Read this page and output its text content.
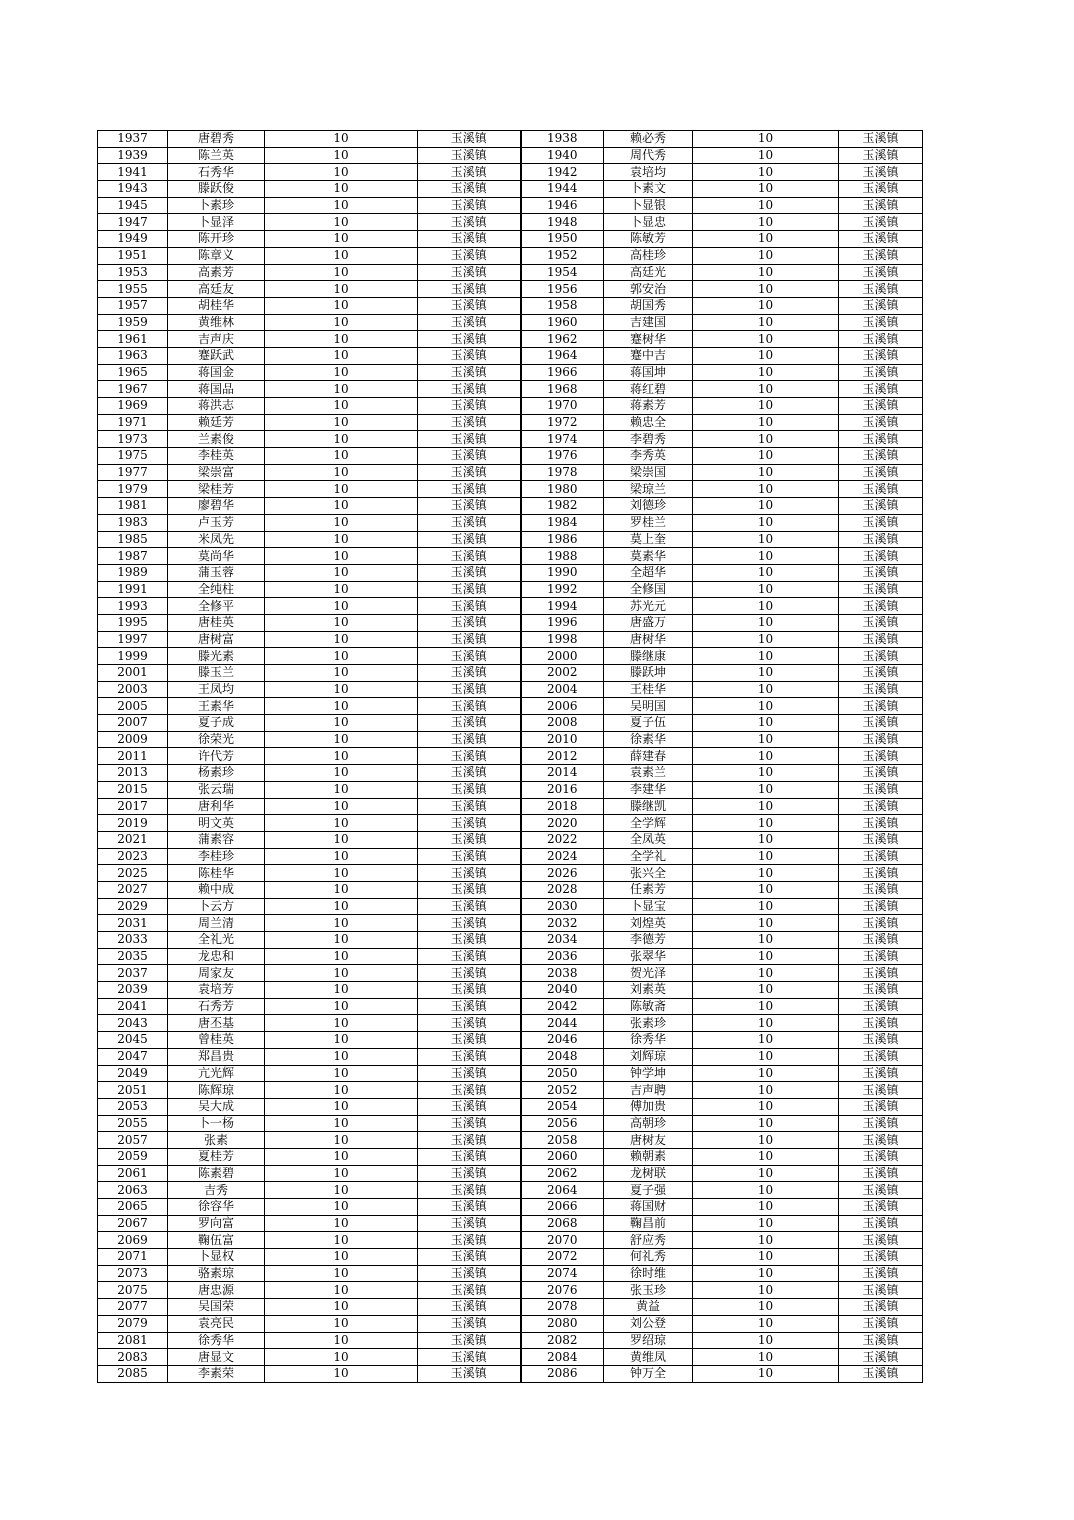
1937	唐碧秀	10	玉溪镇	1938	赖必秀	10	玉溪镇
1939	陈兰英	10	玉溪镇	1940	周代秀	10	玉溪镇
1941	石秀华	10	玉溪镇	1942	袁培均	10	玉溪镇
1943	滕跃俊	10	玉溪镇	1944	卜素文	10	玉溪镇
1945	卜素珍	10	玉溪镇	1946	卜显银	10	玉溪镇
1947	卜显泽	10	玉溪镇	1948	卜显忠	10	玉溪镇
1949	陈开珍	10	玉溪镇	1950	陈敏芳	10	玉溪镇
1951	陈章义	10	玉溪镇	1952	高桂珍	10	玉溪镇
1953	高素芳	10	玉溪镇	1954	高廷光	10	玉溪镇
1955	高廷友	10	玉溪镇	1956	郭安治	10	玉溪镇
1957	胡桂华	10	玉溪镇	1958	胡国秀	10	玉溪镇
1959	黄维林	10	玉溪镇	1960	吉建国	10	玉溪镇
1961	吉声庆	10	玉溪镇	1962	蹇树华	10	玉溪镇
1963	蹇跃武	10	玉溪镇	1964	蹇中吉	10	玉溪镇
1965	蒋国金	10	玉溪镇	1966	蒋国坤	10	玉溪镇
1967	蒋国品	10	玉溪镇	1968	蒋红碧	10	玉溪镇
1969	蒋洪志	10	玉溪镇	1970	蒋素芳	10	玉溪镇
1971	赖廷芳	10	玉溪镇	1972	赖忠全	10	玉溪镇
1973	兰素俊	10	玉溪镇	1974	李碧秀	10	玉溪镇
1975	李桂英	10	玉溪镇	1976	李秀英	10	玉溪镇
1977	梁崇富	10	玉溪镇	1978	梁崇国	10	玉溪镇
1979	梁桂芳	10	玉溪镇	1980	梁琼兰	10	玉溪镇
1981	廖碧华	10	玉溪镇	1982	刘德珍	10	玉溪镇
1983	卢玉芳	10	玉溪镇	1984	罗桂兰	10	玉溪镇
1985	米凤先	10	玉溪镇	1986	莫上奎	10	玉溪镇
1987	莫尚华	10	玉溪镇	1988	莫素华	10	玉溪镇
1989	蒲玉蓉	10	玉溪镇	1990	全超华	10	玉溪镇
1991	全纯柱	10	玉溪镇	1992	全修国	10	玉溪镇
1993	全修平	10	玉溪镇	1994	苏光元	10	玉溪镇
1995	唐桂英	10	玉溪镇	1996	唐盛万	10	玉溪镇
1997	唐树富	10	玉溪镇	1998	唐树华	10	玉溪镇
1999	滕光素	10	玉溪镇	2000	滕继康	10	玉溪镇
2001	滕玉兰	10	玉溪镇	2002	滕跃坤	10	玉溪镇
2003	王凤均	10	玉溪镇	2004	王桂华	10	玉溪镇
2005	王素华	10	玉溪镇	2006	吴明国	10	玉溪镇
2007	夏子成	10	玉溪镇	2008	夏子伍	10	玉溪镇
2009	徐荣光	10	玉溪镇	2010	徐素华	10	玉溪镇
2011	许代芳	10	玉溪镇	2012	薛建春	10	玉溪镇
2013	杨素珍	10	玉溪镇	2014	袁素兰	10	玉溪镇
2015	张云瑞	10	玉溪镇	2016	李建华	10	玉溪镇
2017	唐利华	10	玉溪镇	2018	滕继凯	10	玉溪镇
2019	明文英	10	玉溪镇	2020	全学辉	10	玉溪镇
2021	蒲素容	10	玉溪镇	2022	全凤英	10	玉溪镇
2023	李桂珍	10	玉溪镇	2024	全学礼	10	玉溪镇
2025	陈桂华	10	玉溪镇	2026	张兴全	10	玉溪镇
2027	赖中成	10	玉溪镇	2028	任素芳	10	玉溪镇
2029	卜云方	10	玉溪镇	2030	卜显宝	10	玉溪镇
2031	周兰清	10	玉溪镇	2032	刘煌英	10	玉溪镇
2033	全礼光	10	玉溪镇	2034	李德芳	10	玉溪镇
2035	龙忠和	10	玉溪镇	2036	张翠华	10	玉溪镇
2037	周家友	10	玉溪镇	2038	贺光泽	10	玉溪镇
2039	袁培芳	10	玉溪镇	2040	刘素英	10	玉溪镇
2041	石秀芳	10	玉溪镇	2042	陈敏斋	10	玉溪镇
2043	唐丕基	10	玉溪镇	2044	张素珍	10	玉溪镇
2045	曾桂英	10	玉溪镇	2046	徐秀华	10	玉溪镇
2047	郑昌贵	10	玉溪镇	2048	刘辉琼	10	玉溪镇
2049	亢光辉	10	玉溪镇	2050	钟学坤	10	玉溪镇
2051	陈辉琼	10	玉溪镇	2052	吉声聘	10	玉溪镇
2053	吴大成	10	玉溪镇	2054	傅加贵	10	玉溪镇
2055	卜一杨	10	玉溪镇	2056	高朝珍	10	玉溪镇
2057	张素	10	玉溪镇	2058	唐树友	10	玉溪镇
2059	夏桂芳	10	玉溪镇	2060	赖朝素	10	玉溪镇
2061	陈素碧	10	玉溪镇	2062	龙树联	10	玉溪镇
2063	吉秀	10	玉溪镇	2064	夏子强	10	玉溪镇
2065	徐容华	10	玉溪镇	2066	蒋国财	10	玉溪镇
2067	罗向富	10	玉溪镇	2068	鞠昌前	10	玉溪镇
2069	鞠伍富	10	玉溪镇	2070	舒应秀	10	玉溪镇
2071	卜显权	10	玉溪镇	2072	何礼秀	10	玉溪镇
2073	骆素琼	10	玉溪镇	2074	徐时维	10	玉溪镇
2075	唐忠源	10	玉溪镇	2076	张玉珍	10	玉溪镇
2077	吴国荣	10	玉溪镇	2078	黄益	10	玉溪镇
2079	袁亮民	10	玉溪镇	2080	刘公登	10	玉溪镇
2081	徐秀华	10	玉溪镇	2082	罗绍琼	10	玉溪镇
2083	唐显文	10	玉溪镇	2084	黄维凤	10	玉溪镇
2085	李素荣	10	玉溪镇	2086	钟万全	10	玉溪镇
